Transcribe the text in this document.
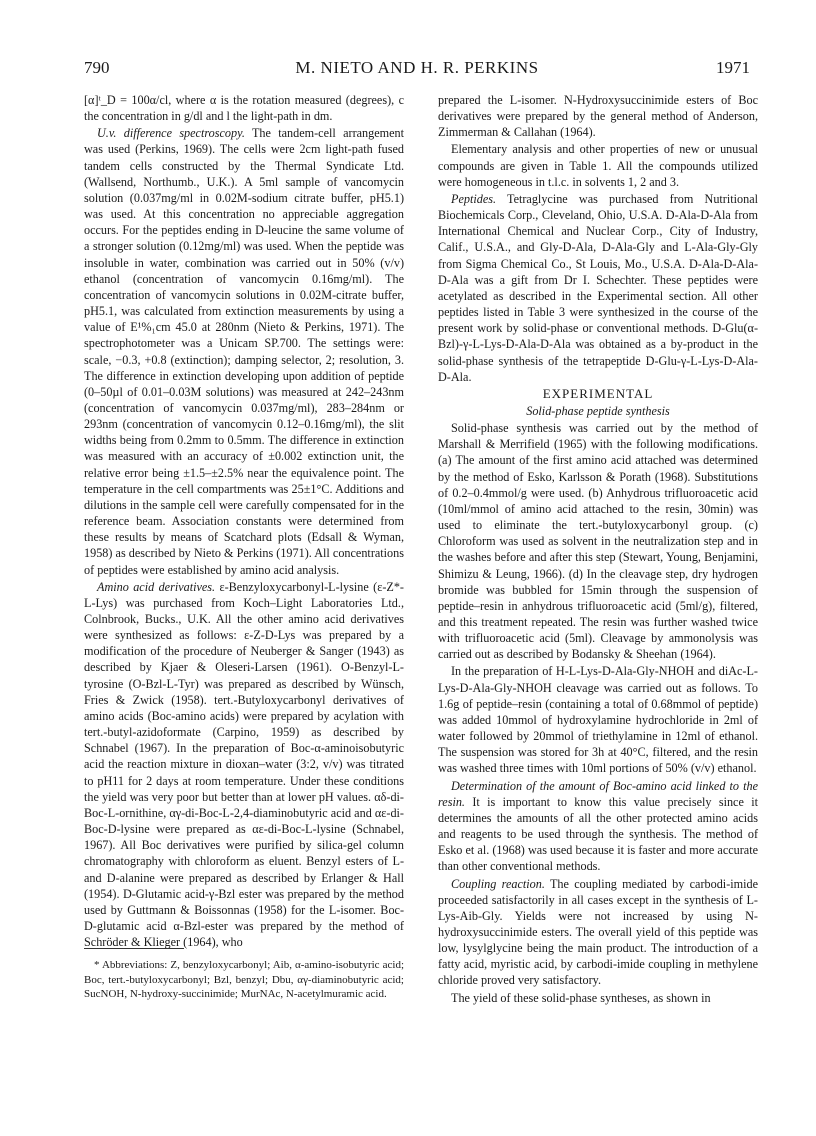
790	M. NIETO AND H. R. PERKINS	1971

[α]ᵗ_D = 100α/cl, where α is the rotation measured (degrees), c the concentration in g/dl and l the light-path in dm.

U.v. difference spectroscopy. The tandem-cell arrangement was used (Perkins, 1969). The cells were 2cm light-path fused tandem cells constructed by the Thermal Syndicate Ltd. (Wallsend, Northumb., U.K.). A 5ml sample of vancomycin solution (0.037mg/ml in 0.02M-sodium citrate buffer, pH5.1) was used. At this concentration no appreciable aggregation occurs. For the peptides ending in D-leucine the same volume of a stronger solution (0.12mg/ml) was used. When the peptide was insoluble in water, combination was carried out in 50% (v/v) ethanol (concentration of vancomycin 0.16mg/ml). The concentration of vancomycin solutions in 0.02M-citrate buffer, pH5.1, was calculated from extinction measurements by using a value of E¹%₁cm 45.0 at 280nm (Nieto & Perkins, 1971). The spectrophotometer was a Unicam SP.700. The settings were: scale, −0.3, +0.8 (extinction); damping selector, 2; resolution, 3. The difference in extinction developing upon addition of peptide (0–50µl of 0.01–0.03M solutions) was measured at 242–243nm (concentration of vancomycin 0.037mg/ml), 283–284nm or 293nm (concentration of vancomycin 0.12–0.16mg/ml), the slit widths being from 0.2mm to 0.5mm. The difference in extinction was measured with an accuracy of ±0.002 extinction unit, the relative error being ±1.5–±2.5% near the equivalence point. The temperature in the cell compartments was 25±1°C. Additions and dilutions in the sample cell were carefully compensated for in the reference beam. Association constants were determined from these results by means of Scatchard plots (Edsall & Wyman, 1958) as described by Nieto & Perkins (1971). All concentrations of peptides were established by amino acid analysis.

Amino acid derivatives. ε-Benzyloxycarbonyl-L-lysine (ε-Z*-L-Lys) was purchased from Koch–Light Laboratories Ltd., Colnbrook, Bucks., U.K. All the other amino acid derivatives were synthesized as follows: ε-Z-D-Lys was prepared by a modification of the procedure of Neuberger & Sanger (1943) as described by Kjaer & Oleseri-Larsen (1961). O-Benzyl-L-tyrosine (O-Bzl-L-Tyr) was prepared as described by Wünsch, Fries & Zwick (1958). tert.-Butyloxycarbonyl derivatives of amino acids (Boc-amino acids) were prepared by acylation with tert.-butyl-azidoformate (Carpino, 1959) as described by Schnabel (1967). In the preparation of Boc-α-aminoisobutyric acid the reaction mixture in dioxan–water (3:2, v/v) was titrated to pH11 for 2 days at room temperature. Under these conditions the yield was very poor but better than at lower pH values. αδ-di-Boc-L-ornithine, αγ-di-Boc-L-2,4-diaminobutyric acid and αε-di-Boc-D-lysine were prepared as αε-di-Boc-L-lysine (Schnabel, 1967). All Boc derivatives were purified by silica-gel column chromatography with chloroform as eluent. Benzyl esters of L-and D-alanine were prepared as described by Erlanger & Hall (1954). D-Glutamic acid-γ-Bzl ester was prepared by the method used by Guttmann & Boissonnas (1958) for the L-isomer. Boc-D-glutamic acid α-Bzl-ester was prepared by the method of Schröder & Klieger (1964), who

* Abbreviations: Z, benzyloxycarbonyl; Aib, α-amino-isobutyric acid; Boc, tert.-butyloxycarbonyl; Bzl, benzyl; Dbu, αγ-diaminobutyric acid; SucNOH, N-hydroxy-succinimide; MurNAc, N-acetylmuramic acid.

prepared the L-isomer. N-Hydroxysuccinimide esters of Boc derivatives were prepared by the general method of Anderson, Zimmerman & Callahan (1964).

Elementary analysis and other properties of new or unusual compounds are given in Table 1. All the compounds utilized were homogeneous in t.l.c. in solvents 1, 2 and 3.

Peptides. Tetraglycine was purchased from Nutritional Biochemicals Corp., Cleveland, Ohio, U.S.A. D-Ala-D-Ala from International Chemical and Nuclear Corp., City of Industry, Calif., U.S.A., and Gly-D-Ala, D-Ala-Gly and L-Ala-Gly-Gly from Sigma Chemical Co., St Louis, Mo., U.S.A. D-Ala-D-Ala-D-Ala was a gift from Dr I. Schechter. These peptides were acetylated as described in the Experimental section. All other peptides listed in Table 3 were synthesized in the course of the present work by solid-phase or conventional methods. D-Glu(α-Bzl)-γ-L-Lys-D-Ala-D-Ala was obtained as a by-product in the solid-phase synthesis of the tetrapeptide D-Glu-γ-L-Lys-D-Ala-D-Ala.

EXPERIMENTAL

Solid-phase peptide synthesis

Solid-phase synthesis was carried out by the method of Marshall & Merrifield (1965) with the following modifications. (a) The amount of the first amino acid attached was determined by the method of Esko, Karlsson & Porath (1968). Substitutions of 0.2–0.4mmol/g were used. (b) Anhydrous trifluoroacetic acid (10ml/mmol of amino acid attached to the resin, 30min) was used to eliminate the tert.-butyloxycarbonyl group. (c) Chloroform was used as solvent in the neutralization step and in the washes before and after this step (Stewart, Young, Benjamini, Shimizu & Leung, 1966). (d) In the cleavage step, dry hydrogen bromide was bubbled for 15min through the suspension of peptide–resin in anhydrous trifluoroacetic acid (5ml/g), filtered, and this treatment repeated. The resin was further washed twice with trifluoroacetic acid (5ml). Cleavage by ammonolysis was carried out as described by Bodansky & Sheehan (1964).

In the preparation of H-L-Lys-D-Ala-Gly-NHOH and diAc-L-Lys-D-Ala-Gly-NHOH cleavage was carried out as follows. To 1.6g of peptide–resin (containing a total of 0.68mmol of peptide) was added 10mmol of hydroxylamine hydrochloride in 2ml of water followed by 20mmol of triethylamine in 12ml of ethanol. The suspension was stored for 3h at 40°C, filtered, and the resin was washed three times with 10ml portions of 50% (v/v) ethanol.

Determination of the amount of Boc-amino acid linked to the resin. It is important to know this value precisely since it determines the amounts of all the other protected amino acids and reagents to be used through the synthesis. The method of Esko et al. (1968) was used because it is faster and more accurate than other conventional methods.

Coupling reaction. The coupling mediated by carbodi-imide proceeded satisfactorily in all cases except in the synthesis of L-Lys-Aib-Gly. Yields were not increased by using N-hydroxysuccinimide esters. The overall yield of this peptide was low, lysylglycine being the main product. The introduction of a fatty acid, myristic acid, by carbodi-imide coupling in methylene chloride proved very satisfactory.

The yield of these solid-phase syntheses, as shown in
